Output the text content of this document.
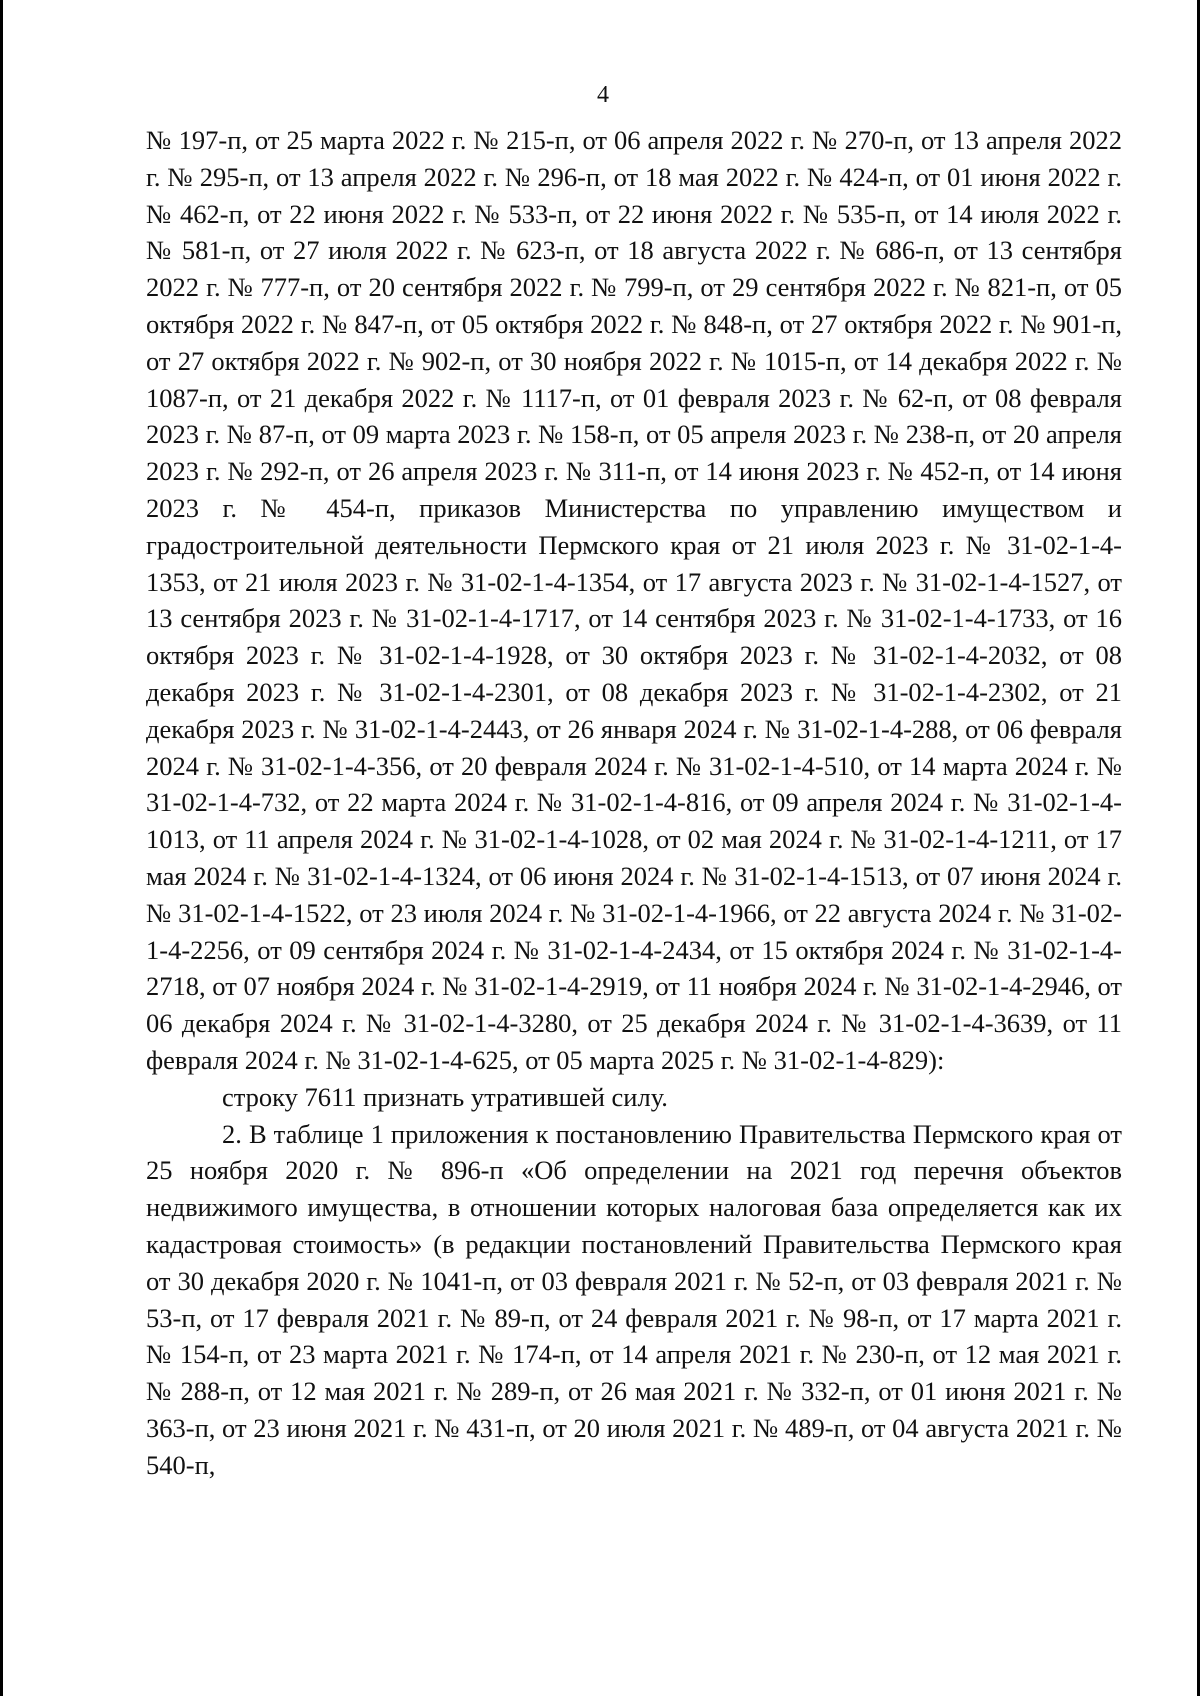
4

№ 197-п, от 25 марта 2022 г. № 215-п, от 06 апреля 2022 г. № 270-п, от 13 апреля 2022 г. № 295-п, от 13 апреля 2022 г. № 296-п, от 18 мая 2022 г. № 424-п, от 01 июня 2022 г. № 462-п, от 22 июня 2022 г. № 533-п, от 22 июня 2022 г. № 535-п, от 14 июля 2022 г. № 581-п, от 27 июля 2022 г. № 623-п, от 18 августа 2022 г. № 686-п, от 13 сентября 2022 г. № 777-п, от 20 сентября 2022 г. № 799-п, от 29 сентября 2022 г. № 821-п, от 05 октября 2022 г. № 847-п, от 05 октября 2022 г. № 848-п, от 27 октября 2022 г. № 901-п, от 27 октября 2022 г. № 902-п, от 30 ноября 2022 г. № 1015-п, от 14 декабря 2022 г. № 1087-п, от 21 декабря 2022 г. № 1117-п, от 01 февраля 2023 г. № 62-п, от 08 февраля 2023 г. № 87-п, от 09 марта 2023 г. № 158-п, от 05 апреля 2023 г. № 238-п, от 20 апреля 2023 г. № 292-п, от 26 апреля 2023 г. № 311-п, от 14 июня 2023 г. № 452-п, от 14 июня 2023 г. № 454-п, приказов Министерства по управлению имуществом и градостроительной деятельности Пермского края от 21 июля 2023 г. № 31-02-1-4-1353, от 21 июля 2023 г. № 31-02-1-4-1354, от 17 августа 2023 г. № 31-02-1-4-1527, от 13 сентября 2023 г. № 31-02-1-4-1717, от 14 сентября 2023 г. № 31-02-1-4-1733, от 16 октября 2023 г. № 31-02-1-4-1928, от 30 октября 2023 г. № 31-02-1-4-2032, от 08 декабря 2023 г. № 31-02-1-4-2301, от 08 декабря 2023 г. № 31-02-1-4-2302, от 21 декабря 2023 г. № 31-02-1-4-2443, от 26 января 2024 г. № 31-02-1-4-288, от 06 февраля 2024 г. № 31-02-1-4-356, от 20 февраля 2024 г. № 31-02-1-4-510, от 14 марта 2024 г. № 31-02-1-4-732, от 22 марта 2024 г. № 31-02-1-4-816, от 09 апреля 2024 г. № 31-02-1-4-1013, от 11 апреля 2024 г. № 31-02-1-4-1028, от 02 мая 2024 г. № 31-02-1-4-1211, от 17 мая 2024 г. № 31-02-1-4-1324, от 06 июня 2024 г. № 31-02-1-4-1513, от 07 июня 2024 г. № 31-02-1-4-1522, от 23 июля 2024 г. № 31-02-1-4-1966, от 22 августа 2024 г. № 31-02-1-4-2256, от 09 сентября 2024 г. № 31-02-1-4-2434, от 15 октября 2024 г. № 31-02-1-4-2718, от 07 ноября 2024 г. № 31-02-1-4-2919, от 11 ноября 2024 г. № 31-02-1-4-2946, от 06 декабря 2024 г. № 31-02-1-4-3280, от 25 декабря 2024 г. № 31-02-1-4-3639, от 11 февраля 2024 г. № 31-02-1-4-625, от 05 марта 2025 г. № 31-02-1-4-829):

строку 7611 признать утратившей силу.

2. В таблице 1 приложения к постановлению Правительства Пермского края от 25 ноября 2020 г. № 896-п «Об определении на 2021 год перечня объектов недвижимого имущества, в отношении которых налоговая база определяется как их кадастровая стоимость» (в редакции постановлений Правительства Пермского края от 30 декабря 2020 г. № 1041-п, от 03 февраля 2021 г. № 52-п, от 03 февраля 2021 г. № 53-п, от 17 февраля 2021 г. № 89-п, от 24 февраля 2021 г. № 98-п, от 17 марта 2021 г. № 154-п, от 23 марта 2021 г. № 174-п, от 14 апреля 2021 г. № 230-п, от 12 мая 2021 г. № 288-п, от 12 мая 2021 г. № 289-п, от 26 мая 2021 г. № 332-п, от 01 июня 2021 г. № 363-п, от 23 июня 2021 г. № 431-п, от 20 июля 2021 г. № 489-п, от 04 августа 2021 г. № 540-п,
